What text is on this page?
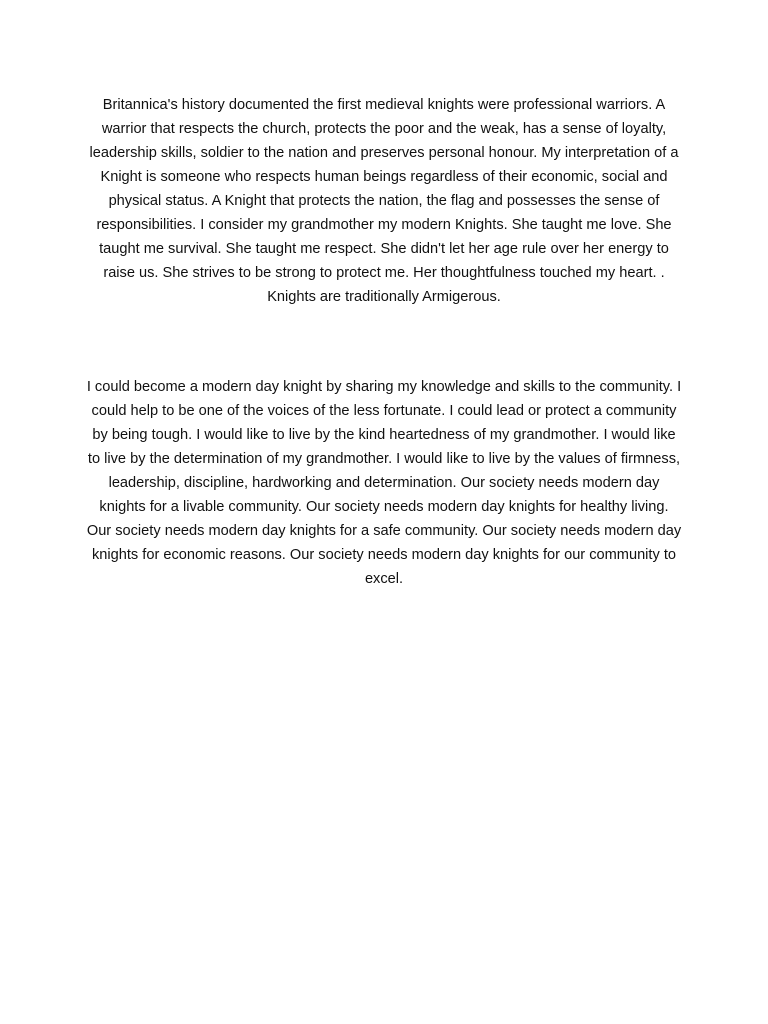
Britannica's history documented the first medieval knights were professional warriors. A warrior that respects the church, protects the poor and the weak, has a sense of loyalty, leadership skills, soldier to the nation and preserves personal honour. My interpretation of a Knight is someone who respects human beings regardless of their economic, social and physical status. A Knight that protects the nation, the flag and possesses the sense of responsibilities. I consider my grandmother my modern Knights. She taught me love. She taught me survival. She taught me respect. She didn't let her age rule over her energy to raise us. She strives to be strong to protect me. Her thoughtfulness touched my heart. . Knights are traditionally Armigerous.

I could become a modern day knight by sharing my knowledge and skills to the community. I could help to be one of the voices of the less fortunate. I could lead or protect a community by being tough. I would like to live by the kind heartedness of my grandmother. I would like to live by the determination of my grandmother. I would like to live by the values of firmness, leadership, discipline, hardworking and determination. Our society needs modern day knights for a livable community. Our society needs modern day knights for healthy living. Our society needs modern day knights for a safe community. Our society needs modern day knights for economic reasons. Our society needs modern day knights for our community to excel.
